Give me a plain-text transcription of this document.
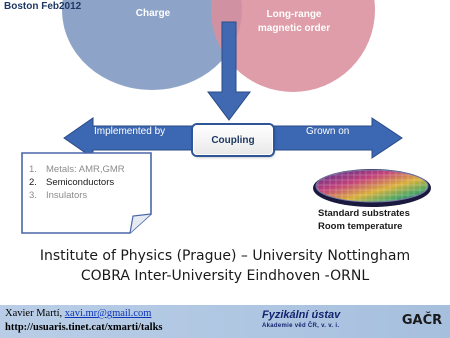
Boston Feb2012
Charge	Long-range magnetic order
Implemented by	Grown on
Coupling
1. Metals: AMR,GMR
2. Semiconductors
3. Insulators
Standard substrates
Room temperature
Institute of Physics (Prague) – University Nottingham
COBRA Inter-University Eindhoven -ORNL
Xavier Martí, xavi.mr@gmail.com
http://usuaris.tinet.cat/xmarti/talks
Fyzikální ústav
Akademie věd ČR, v. v. i.	GAČR
